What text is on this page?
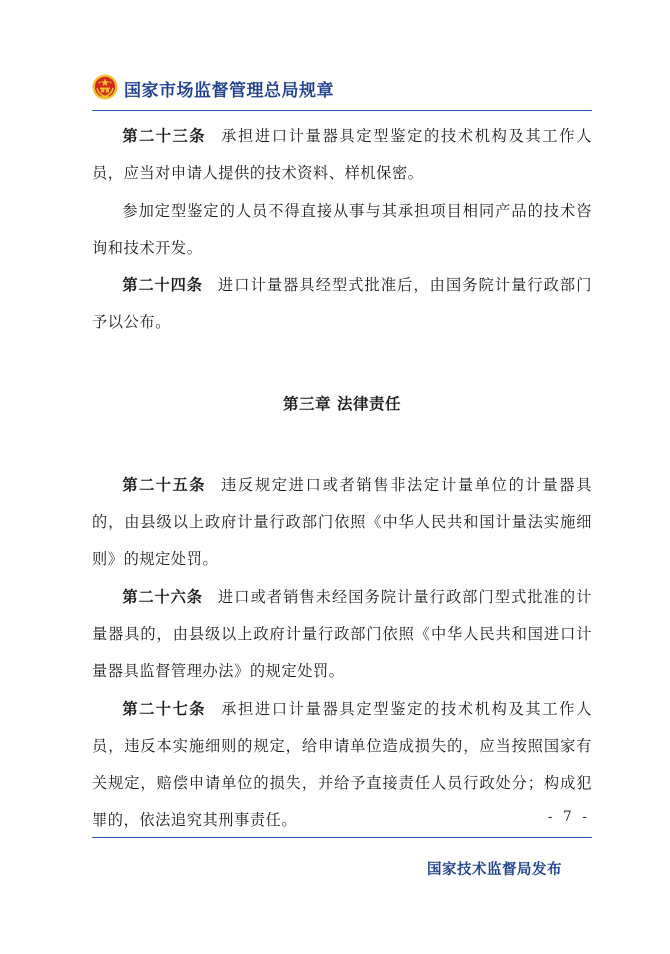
国家市场监督管理总局规章

第二十三条 承担进口计量器具定型鉴定的技术机构及其工作人员，应当对申请人提供的技术资料、样机保密。

参加定型鉴定的人员不得直接从事与其承担项目相同产品的技术咨询和技术开发。

第二十四条 进口计量器具经型式批准后，由国务院计量行政部门予以公布。

第三章 法律责任

第二十五条 违反规定进口或者销售非法定计量单位的计量器具的，由县级以上政府计量行政部门依照《中华人民共和国计量法实施细则》的规定处罚。

第二十六条 进口或者销售未经国务院计量行政部门型式批准的计量器具的，由县级以上政府计量行政部门依照《中华人民共和国进口计量器具监督管理办法》的规定处罚。

第二十七条 承担进口计量器具定型鉴定的技术机构及其工作人员，违反本实施细则的规定，给申请单位造成损失的，应当按照国家有关规定，赔偿申请单位的损失，并给予直接责任人员行政处分；构成犯罪的，依法追究其刑事责任。	- 7 -
国家技术监督局发布
